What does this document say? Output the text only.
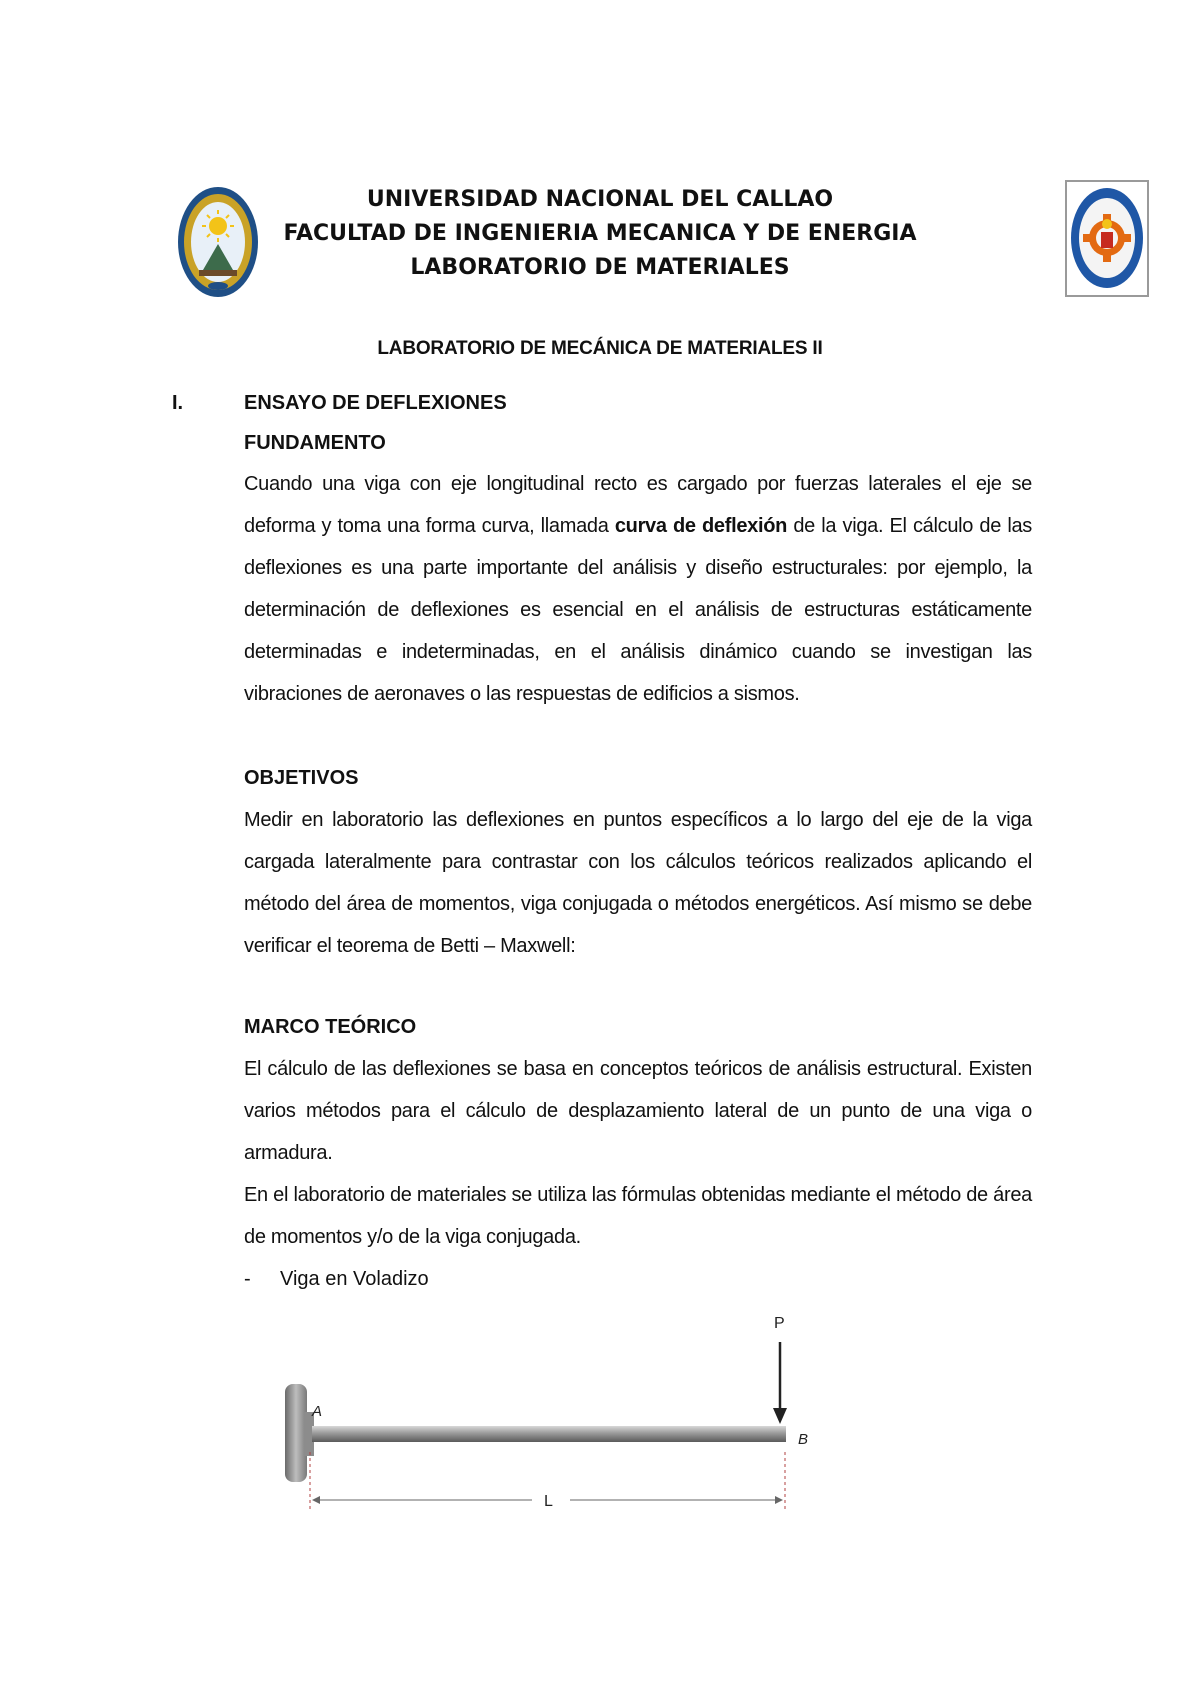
UNIVERSIDAD NACIONAL DEL CALLAO
FACULTAD DE INGENIERIA MECANICA Y DE ENERGIA
LABORATORIO DE MATERIALES
LABORATORIO DE MECÁNICA DE MATERIALES II
I.	ENSAYO DE DEFLEXIONES
FUNDAMENTO

Cuando una viga con eje longitudinal recto es cargado por fuerzas laterales el eje se deforma y toma una forma curva, llamada curva de deflexión de la viga. El cálculo de las deflexiones es una parte importante del análisis y diseño estructurales: por ejemplo, la determinación de deflexiones es esencial en el análisis de estructuras estáticamente determinadas e indeterminadas, en el análisis dinámico cuando se investigan las vibraciones de aeronaves o las respuestas de edificios a sismos.

OBJETIVOS

Medir en laboratorio las deflexiones en puntos específicos a lo largo del eje de la viga cargada lateralmente para contrastar con los cálculos teóricos realizados aplicando el método del área de momentos, viga conjugada o métodos energéticos. Así mismo se debe verificar el teorema de Betti – Maxwell:

MARCO TEÓRICO

El cálculo de las deflexiones se basa en conceptos teóricos de análisis estructural. Existen varios métodos para el cálculo de desplazamiento lateral de un punto de una viga o armadura.

En el laboratorio de materiales se utiliza las fórmulas obtenidas mediante el método de área de momentos y/o de la viga conjugada.

- Viga en Voladizo
P
A
B
L
